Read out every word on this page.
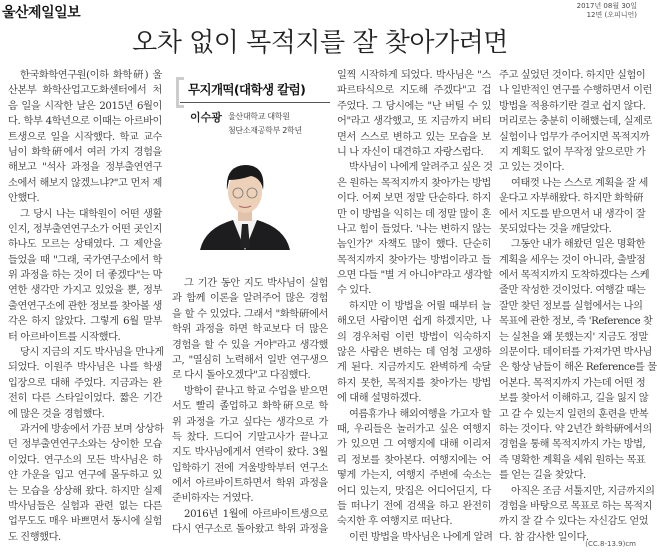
울산제일일보	2017년 08월 30일
12면 (오피니언)
오차 없이 목적지를 잘 찾아가려면
무지개떡(대학생 칼럼)
이수광 울산대학교 대학원
첨단소재공학부 2학년
한국화학연구원(이하 화학硏) 울
산본부 화학산업고도화센터에서 처
음 일을 시작한 날은 2015년 6월이
다. 학부 4학년으로 이때는 아르바이
트생으로 일을 시작했다. 학교 교수
님이 화학硏에서 여러 가지 경험을
해보고 "석사 과정을 정부출연연구
소에서 해보지 않겠느냐?"고 먼저 제
안했다.
그 당시 나는 대학원이 어떤 생활
인지, 정부출연연구소가 어떤 곳인지
하나도 모르는 상태였다. 그 제안을
들었을 때 "그래, 국가연구소에서 학
위 과정을 하는 것이 더 좋겠다"는 막
연한 생각만 가지고 있었을 뿐, 정부
출연연구소에 관한 정보를 찾아볼 생
각은 하지 않았다. 그렇게 6월 말부
터 아르바이트를 시작했다.
당시 지금의 지도 박사님을 만나게
되었다. 이원주 박사님은 나를 학생
입장으로 대해 주었다. 지금과는 완
전히 다른 스타일이었다. 짧은 기간
에 많은 것을 경험했다.
과거에 방송에서 가끔 보며 상상하
던 정부출연연구소와는 상이한 모습
이었다. 연구소의 모든 박사님은 하
얀 가운을 입고 연구에 몰두하고 있
는 모습을 상상해 왔다. 하지만 실제
박사님들은 실험과 관련 없는 다른
업무도도 매우 바쁘면서 동시에 실험
도 진행했다.
그 기간 동안 지도 박사님이 실험
과 함께 이론을 알려주어 많은 경험
을 할 수 있었다. 그래서 "화학硏에서
학위 과정을 하면 학교보다 더 많은
경험을 할 수 있을 거야"라고 생각했
고, "열심히 노력해서 일반 연구생으
로 다시 돌아오겠다"고 다짐했다.
방학이 끝나고 학교 수업을 받으면
서도 빨리 졸업하고 화학硏으로 학
위 과정을 가고 싶다는 생각으로 가
득 찼다. 드디어 기말고사가 끝나고
지도 박사님에게서 연락이 왔다. 3월
입학하기 전에 겨울방학부터 연구소
에서 아르바이트하면서 학위 과정을
준비하자는 거였다.
2016년 1월에 아르바이트생으로
다시 연구소로 돌아왔고 학위 과정을
일찍 시작하게 되었다. 박사님은 "스
파르타식으로 지도해 주겠다"고 겁
주었다. 그 당시에는 "난 버틸 수 있
어"라고 생각했고, 또 지금까지 버티
면서 스스로 변하고 있는 모습을 보
니 나 자신이 대견하고 자랑스럽다.
박사님이 나에게 알려주고 싶은 것
은 원하는 목적지까지 찾아가는 방법
이다. 어찌 보면 정말 단순하다. 하지
만 이 방법을 익히는 데 정말 많이 혼
나고 힘이 들었다. '나는 변하지 않는
놈인가?' 자책도 많이 했다. 단순히
목적지까지 찾아가는 방법이라고 들
으면 다들 "별 거 아니야"라고 생각할
수 있다.
하지만 이 방법을 어릴 때부터 늘
해오던 사람이면 쉽게 하겠지만, 나
의 경우처럼 이런 방법이 익숙하지
않은 사람은 변하는 데 엄청 고생하
게 된다. 지금까지도 완벽하게 숙달
하지 못한, 목적지를 찾아가는 방법
에 대해 설명하겠다.
여름휴가나 해외여행을 가고자 할
때, 우리들은 놀러가고 싶은 여행지
가 있으면 그 여행지에 대해 이리저
리 정보를 찾아본다. 여행지에는 어
떻게 가는지, 여행지 주변에 숙소는
어디 있는지, 맛집은 어디어딘지, 다
들 떠나기 전에 검색을 하고 완전히
숙지한 후 여행지로 떠난다.
이런 방법을 박사님은 나에게 알려
주고 싶었던 것이다. 하지만 실험이
나 일반적인 연구를 수행하면서 이런
방법을 적용하기란 결코 쉽지 않다.
머리로는 충분히 이해했는데, 실제로
실험이나 업무가 주어지면 목적지까
지 계획도 없이 무작정 앞으로만 가
고 있는 것이다.
여태껏 나는 스스로 계획을 잘 세
운다고 자부해왔다. 하지만 화학硏
에서 지도를 받으면서 내 생각이 잘
못되었다는 것을 깨달았다.
그동안 내가 해왔던 일은 명확한
계획을 세우는 것이 아니라, 출발점
에서 목적지까지 도착하겠다는 스케
줄만 작성한 것이었다. 여행갈 때는
잘만 찾던 정보를 실험에서는 나의
목표에 관한 정보, 즉 'Reference 찾
는 실천을 왜 못했는지' 지금도 정말
의문이다. 데이터를 가져가면 박사님
은 항상 남들이 해온 Reference를 물
어본다. 목적지까지 가는데 어떤 정
보를 찾아서 이해하고, 길을 잃지 않
고 갈 수 있는지 일련의 훈련을 반복
하는 것이다. 약 2년간 화학硏에서의
경험을 통해 목적지까지 가는 방법,
즉 명확한 계획을 세워 원하는 목표
를 얻는 길을 찾았다.
아직은 조금 서툴지만, 지금까지의
경험을 바탕으로 목표로 하는 목적지
까지 잘 갈 수 있다는 자신감도 얻었
다. 참 감사한 일이다.
(CC.8-13.9)cm
